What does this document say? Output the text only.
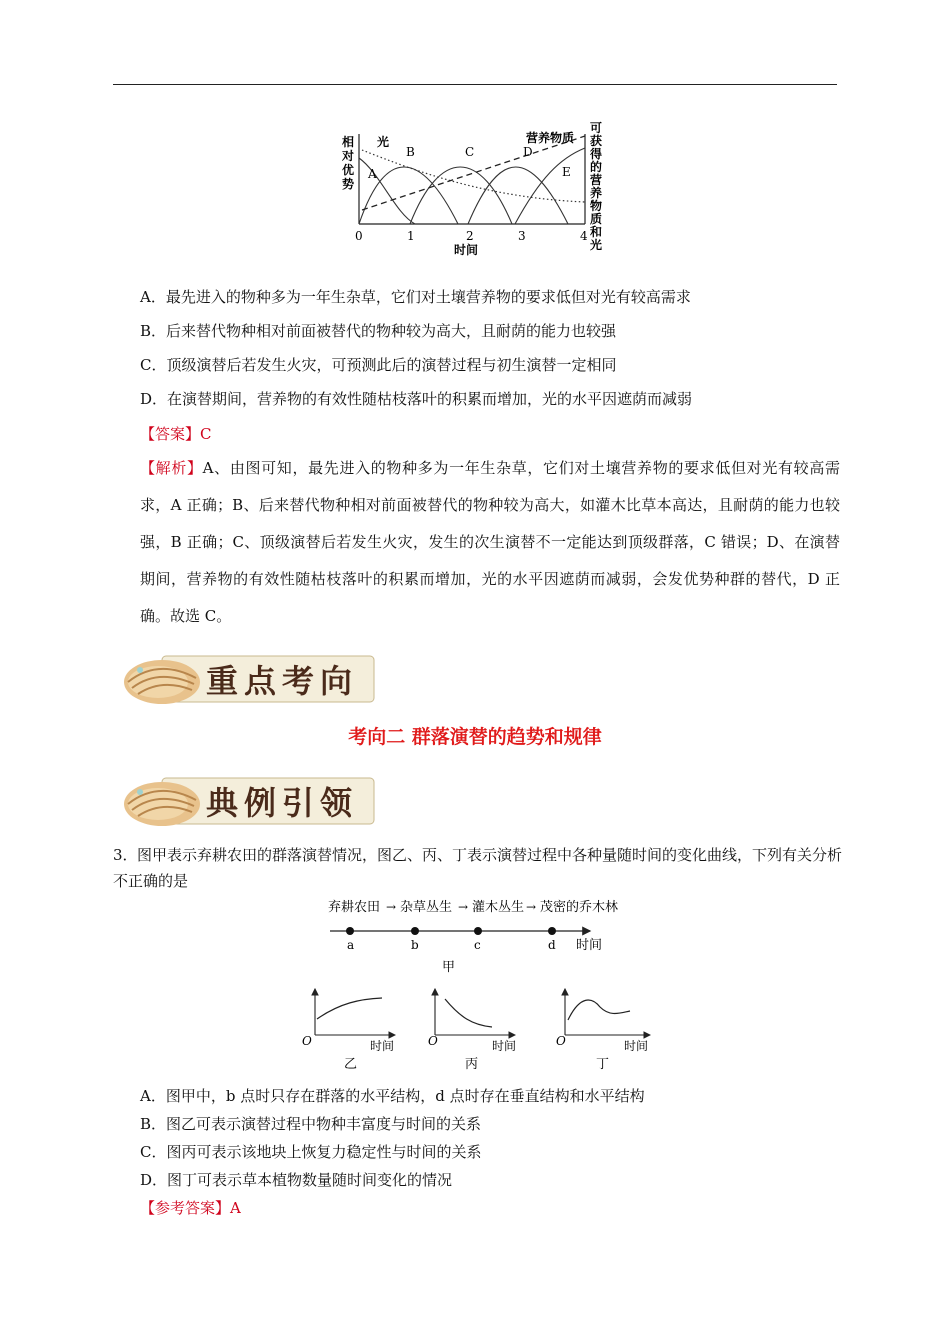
相对优势
可获得的营养物质和光
光	营养物质
A
B	C	D
E
0	1	2	3	4
时间
A．最先进入的物种多为一年生杂草，它们对土壤营养物的要求低但对光有较高需求
B．后来替代物种相对前面被替代的物种较为高大，且耐荫的能力也较强
C．顶级演替后若发生火灾，可预测此后的演替过程与初生演替一定相同
D．在演替期间，营养物的有效性随枯枝落叶的积累而增加，光的水平因遮荫而减弱
【答案】C
【解析】A、由图可知，最先进入的物种多为一年生杂草，它们对土壤营养物的要求低但对光有较高需求，A 正确；B、后来替代物种相对前面被替代的物种较为高大，如灌木比草本高达，且耐荫的能力也较强，B 正确；C、顶级演替后若发生火灾，发生的次生演替不一定能达到顶级群落，C 错误；D、在演替期间，营养物的有效性随枯枝落叶的积累而增加，光的水平因遮荫而减弱，会发优势种群的替代，D 正确。故选 C。
重点考向
考向二 群落演替的趋势和规律
典例引领
3．图甲表示弃耕农田的群落演替情况，图乙、丙、丁表示演替过程中各种量随时间的变化曲线，下列有关分析不正确的是
弃耕农田 杂草丛生 灌木丛生 茂密的乔木林
→	→	→
a	b	c	d 时间
甲
O	时间
乙
O	时间
丙
O	时间
丁
A．图甲中，b 点时只存在群落的水平结构，d 点时存在垂直结构和水平结构
B．图乙可表示演替过程中物种丰富度与时间的关系
C．图丙可表示该地块上恢复力稳定性与时间的关系
D．图丁可表示草本植物数量随时间变化的情况
【参考答案】A
